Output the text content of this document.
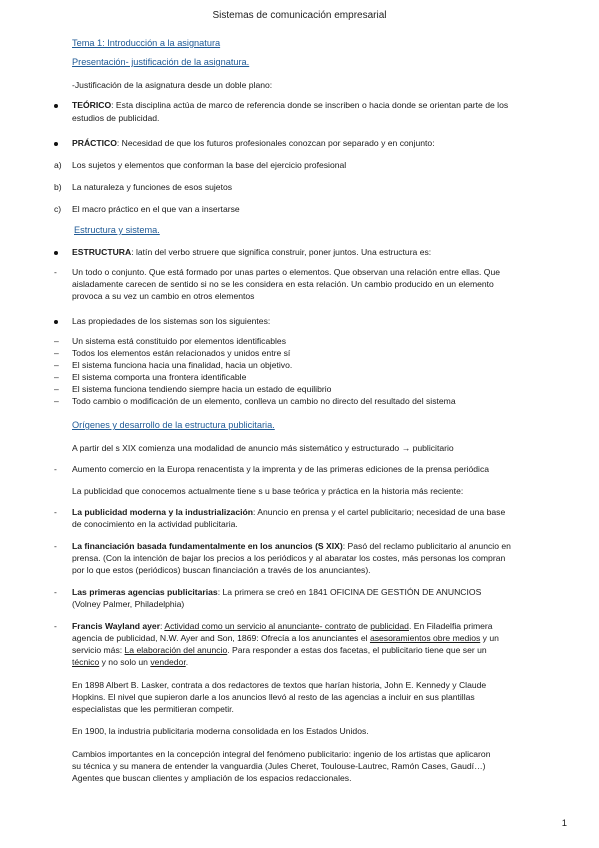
Sistemas de comunicación empresarial
Tema 1: Introducción a la asignatura
Presentación- justificación de la asignatura.
-Justificación de la asignatura desde un doble plano:
TEÓRICO: Esta disciplina actúa de marco de referencia donde se inscriben o hacia donde se orientan parte de los
estudios de publicidad.
PRÁCTICO: Necesidad de que los futuros profesionales conozcan por separado y en conjunto:
a) Los sujetos y elementos que conforman la base del ejercicio profesional
b) La naturaleza y funciones de esos sujetos
c) El macro práctico en el que van a insertarse
Estructura y sistema.
ESTRUCTURA: latín del verbo struere que significa construir, poner juntos. Una estructura es:
- Un todo o conjunto. Que está formado por unas partes o elementos. Que observan una relación entre ellas. Que
aisladamente carecen de sentido si no se les considera en esta relación. Un cambio producido en un elemento
provoca a su vez un cambio en otros elementos
Las propiedades de los sistemas son los siguientes:
– Un sistema está constituido por elementos identificables
– Todos los elementos están relacionados y unidos entre sí
– El sistema funciona hacia una finalidad, hacia un objetivo.
– El sistema comporta una frontera identificable
– El sistema funciona tendiendo siempre hacia un estado de equilibrio
– Todo cambio o modificación de un elemento, conlleva un cambio no directo del resultado del sistema
Orígenes y desarrollo de la estructura publicitaria.
A partir del s XIX comienza una modalidad de anuncio más sistemático y estructurado → publicitario
- Aumento comercio en la Europa renacentista y la imprenta y de las primeras ediciones de la prensa periódica
La publicidad que conocemos actualmente tiene s u base teórica y práctica en la historia más reciente:
- La publicidad moderna y la industrialización: Anuncio en prensa y el cartel publicitario; necesidad de una base
de conocimiento en la actividad publicitaria.
- La financiación basada fundamentalmente en los anuncios (S XIX): Pasó del reclamo publicitario al anuncio en
prensa. (Con la intención de bajar los precios a los periódicos y al abaratar los costes, más personas los compran
por lo que estos (periódicos) buscan financiación a través de los anunciantes).
- Las primeras agencias publicitarias: La primera se creó en 1841 OFICINA DE GESTIÓN DE ANUNCIOS
(Volney Palmer, Philadelphia)
- Francis Wayland ayer: Actividad como un servicio al anunciante- contrato de publicidad. En Filadelfia primera
agencia de publicidad, N.W. Ayer and Son, 1869: Ofrecía a los anunciantes el asesoramientos obre medios y un
servicio más: La elaboración del anuncio. Para responder a estas dos facetas, el publicitario tiene que ser un
técnico y no solo un vendedor.
En 1898 Albert B. Lasker, contrata a dos redactores de textos que harían historia, John E. Kennedy y Claude
Hopkins. El nivel que supieron darle a los anuncios llevó al resto de las agencias a incluir en sus plantillas
especialistas que les permitieran competir.
En 1900, la industria publicitaria moderna consolidada en los Estados Unidos.
Cambios importantes en la concepción integral del fenómeno publicitario: ingenio de los artistas que aplicaron
su técnica y su manera de entender la vanguardia (Jules Cheret, Toulouse-Lautrec, Ramón Cases, Gaudí…)
Agentes que buscan clientes y ampliación de los espacios redaccionales.
1
